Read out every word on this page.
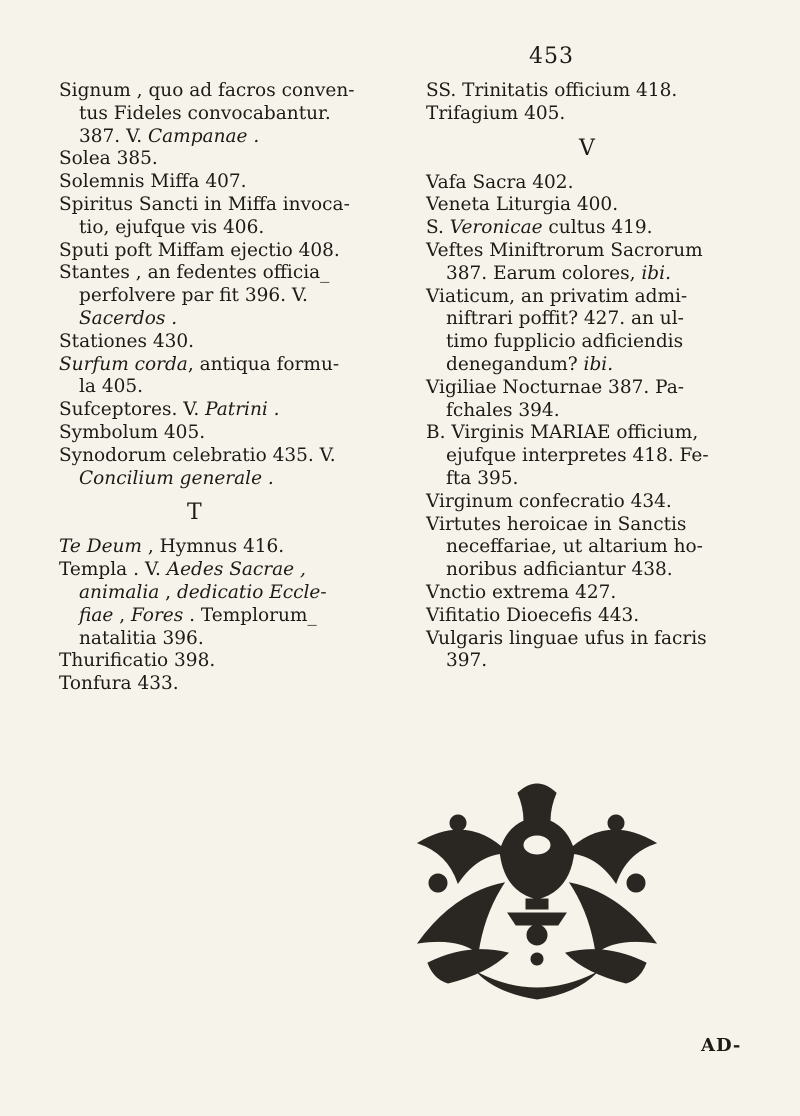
453
Signum , quo ad facros conven-
tus Fideles convocabantur.
387. V. Campanae .
Solea 385.
Solemnis Miffa 407.
Spiritus Sancti in Miffa invoca-
tio, ejufque vis 406.
Sputi poft Miffam ejectio 408.
Stantes , an fedentes officia_
perfolvere par fit 396. V.
Sacerdos .
Stationes 430.
Surfum corda, antiqua formu-
la 405.
Sufceptores. V. Patrini .
Symbolum 405.
Synodorum celebratio 435. V.
Concilium generale .
T
Te Deum , Hymnus 416.
Templa . V. Aedes Sacrae ,
animalia , dedicatio Eccle-
fiae , Fores . Templorum_
natalitia 396.
Thurificatio 398.
Tonfura 433.
SS. Trinitatis officium 418.
Trifagium 405.
V
Vafa Sacra 402.
Veneta Liturgia 400.
S. Veronicae cultus 419.
Veftes Miniftrorum Sacrorum
387. Earum colores, ibi.
Viaticum, an privatim admi-
niftrari poffit? 427. an ul-
timo fupplicio adficiendis
denegandum? ibi.
Vigiliae Nocturnae 387. Pa-
fchales 394.
B. Virginis MARIAE officium,
ejufque interpretes 418. Fe-
fta 395.
Virginum confecratio 434.
Virtutes heroicae in Sanctis
neceffariae, ut altarium ho-
noribus adficiantur 438.
Vnctio extrema 427.
Vifitatio Dioecefis 443.
Vulgaris linguae ufus in facris
397.
AD-
